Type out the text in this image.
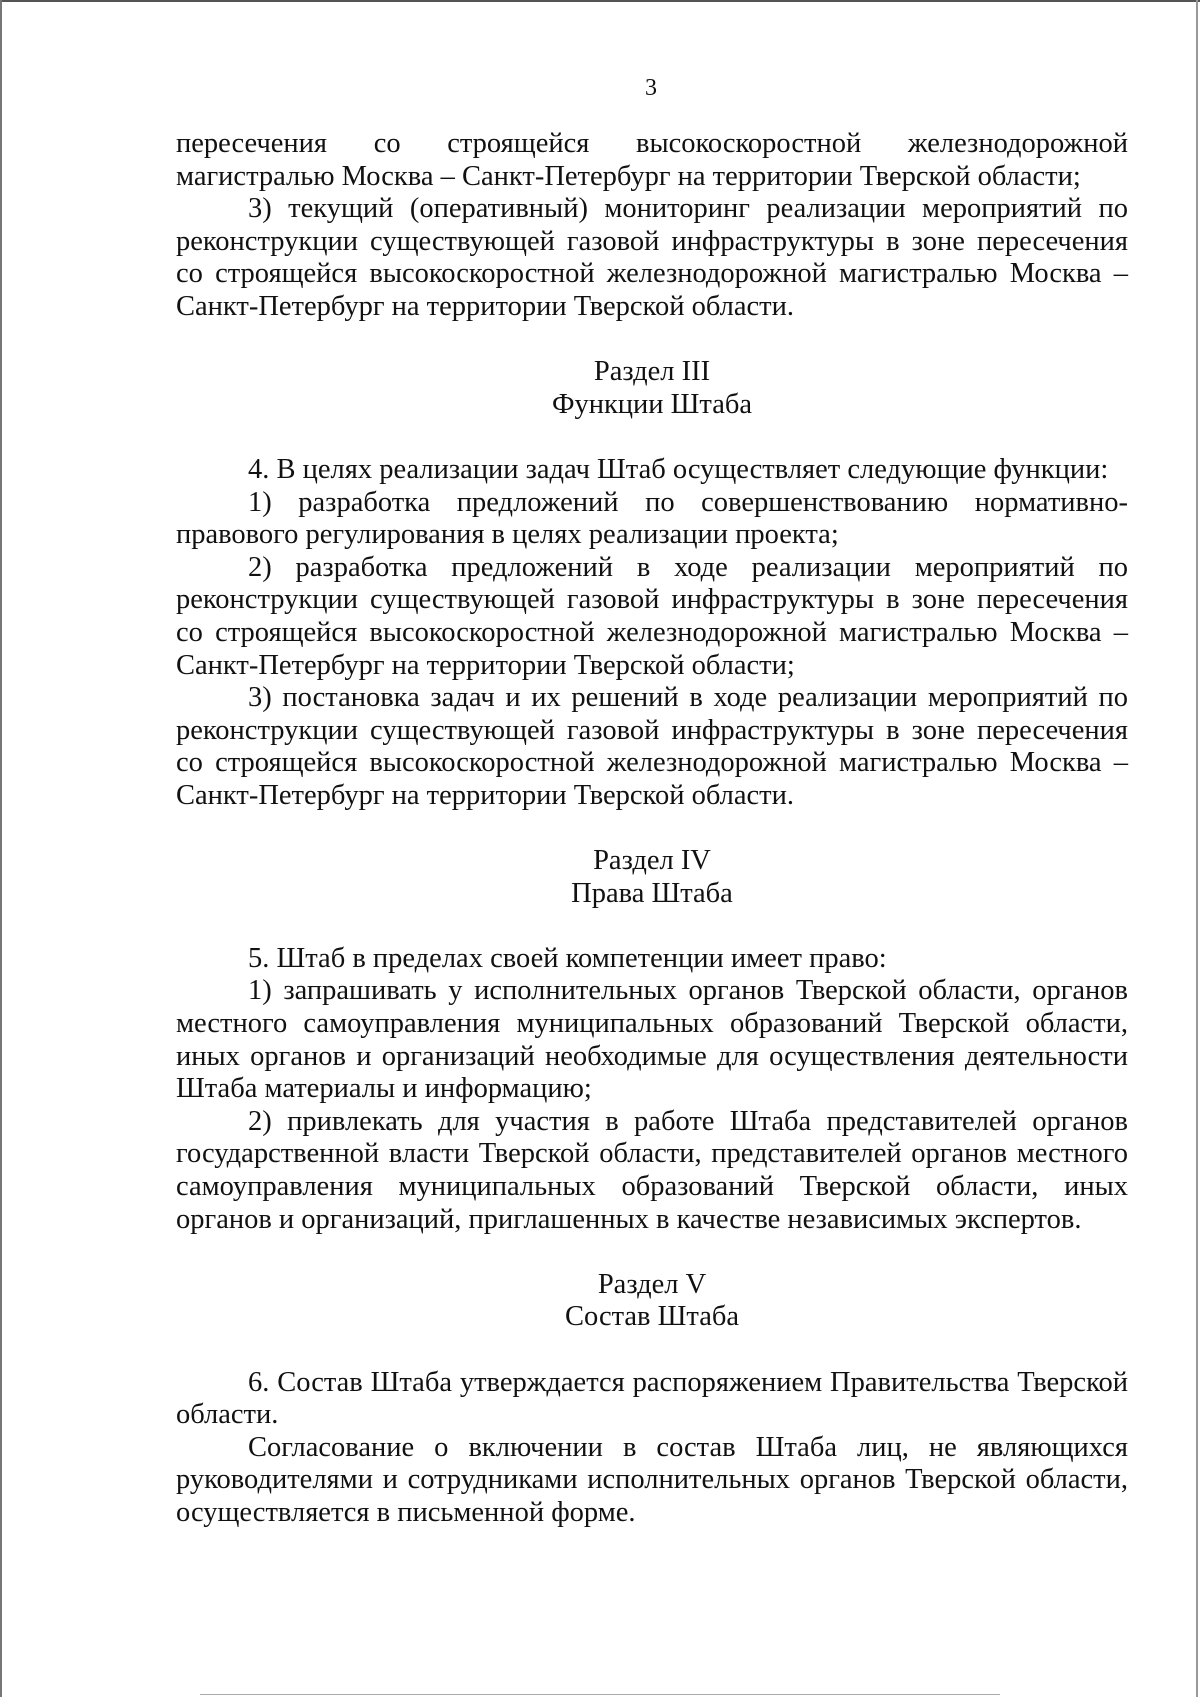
3

пересечения со строящейся высокоскоростной железнодорожной магистралью Москва – Санкт-Петербург на территории Тверской области;

3) текущий (оперативный) мониторинг реализации мероприятий по реконструкции существующей газовой инфраструктуры в зоне пересечения со строящейся высокоскоростной железнодорожной магистралью Москва – Санкт-Петербург на территории Тверской области.

Раздел III

Функции Штаба

4. В целях реализации задач Штаб осуществляет следующие функции:

1) разработка предложений по совершенствованию нормативно-правового регулирования в целях реализации проекта;

2) разработка предложений в ходе реализации мероприятий по реконструкции существующей газовой инфраструктуры в зоне пересечения со строящейся высокоскоростной железнодорожной магистралью Москва – Санкт-Петербург на территории Тверской области;

3) постановка задач и их решений в ходе реализации мероприятий по реконструкции существующей газовой инфраструктуры в зоне пересечения со строящейся высокоскоростной железнодорожной магистралью Москва – Санкт-Петербург на территории Тверской области.

Раздел IV

Права Штаба

5. Штаб в пределах своей компетенции имеет право:

1) запрашивать у исполнительных органов Тверской области, органов местного самоуправления муниципальных образований Тверской области, иных органов и организаций необходимые для осуществления деятельности Штаба материалы и информацию;

2) привлекать для участия в работе Штаба представителей органов государственной власти Тверской области, представителей органов местного самоуправления муниципальных образований Тверской области, иных органов и организаций, приглашенных в качестве независимых экспертов.

Раздел V

Состав Штаба

6. Состав Штаба утверждается распоряжением Правительства Тверской области.

Согласование о включении в состав Штаба лиц, не являющихся руководителями и сотрудниками исполнительных органов Тверской области, осуществляется в письменной форме.
